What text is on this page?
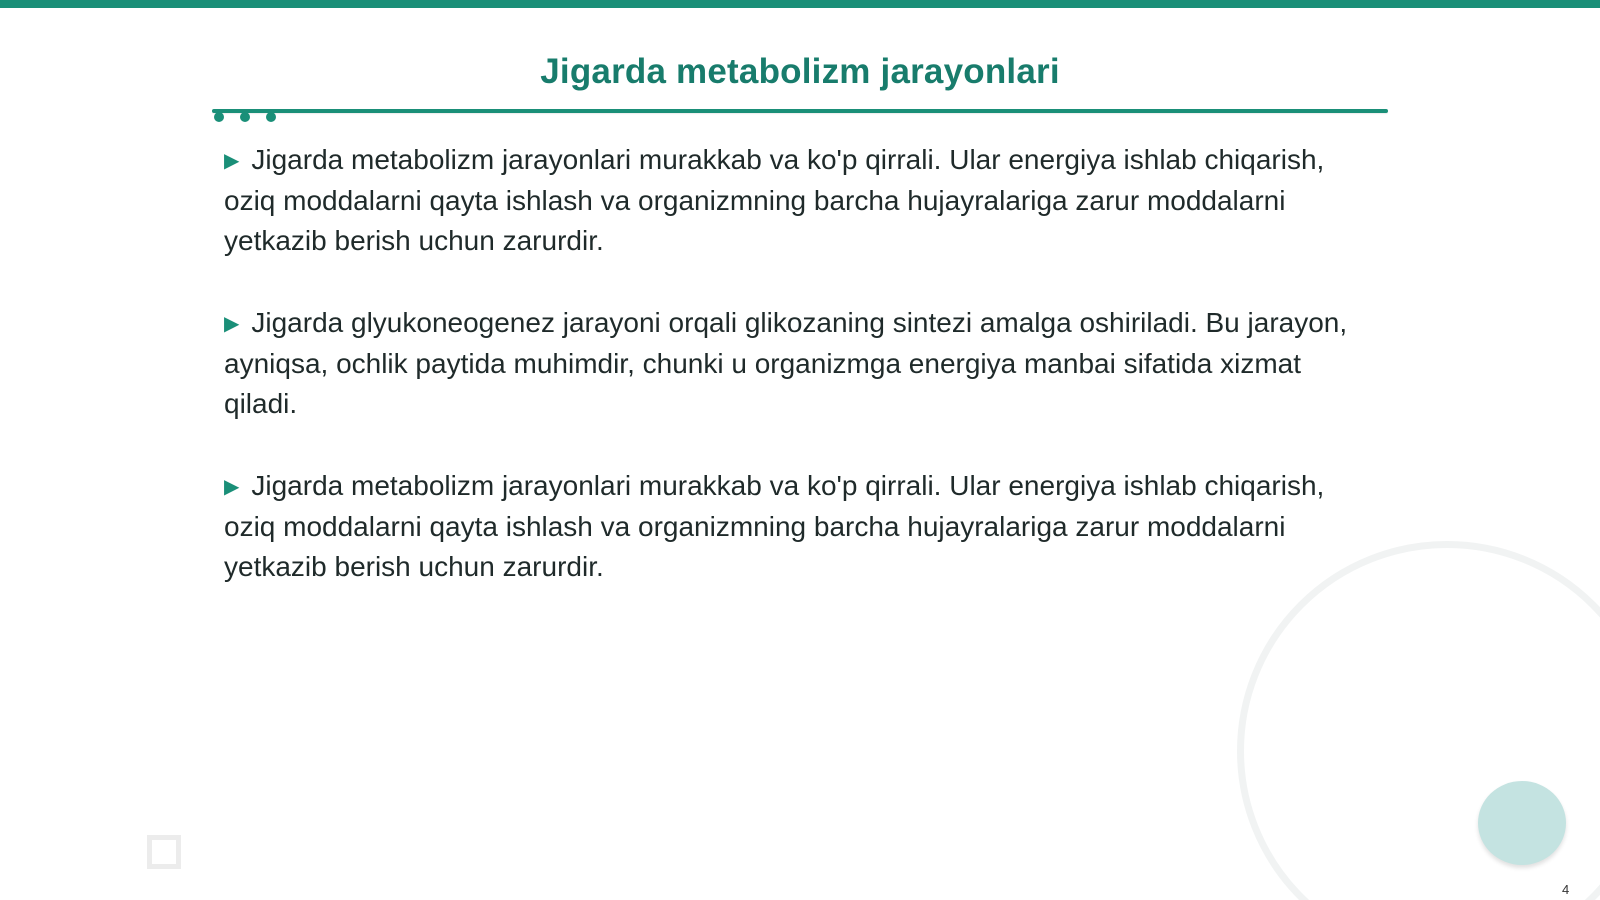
Jigarda metabolizm jarayonlari
▶ Jigarda metabolizm jarayonlari murakkab va ko'p qirrali. Ular energiya ishlab chiqarish, oziq moddalarni qayta ishlash va organizmning barcha hujayralariga zarur moddalarni yetkazib berish uchun zarurdir.
▶ Jigarda glyukoneogenez jarayoni orqali glikozaning sintezi amalga oshiriladi. Bu jarayon, ayniqsa, ochlik paytida muhimdir, chunki u organizmga energiya manbai sifatida xizmat qiladi.
▶ Jigarda metabolizm jarayonlari murakkab va ko'p qirrali. Ular energiya ishlab chiqarish, oziq moddalarni qayta ishlash va organizmning barcha hujayralariga zarur moddalarni yetkazib berish uchun zarurdir.
4
